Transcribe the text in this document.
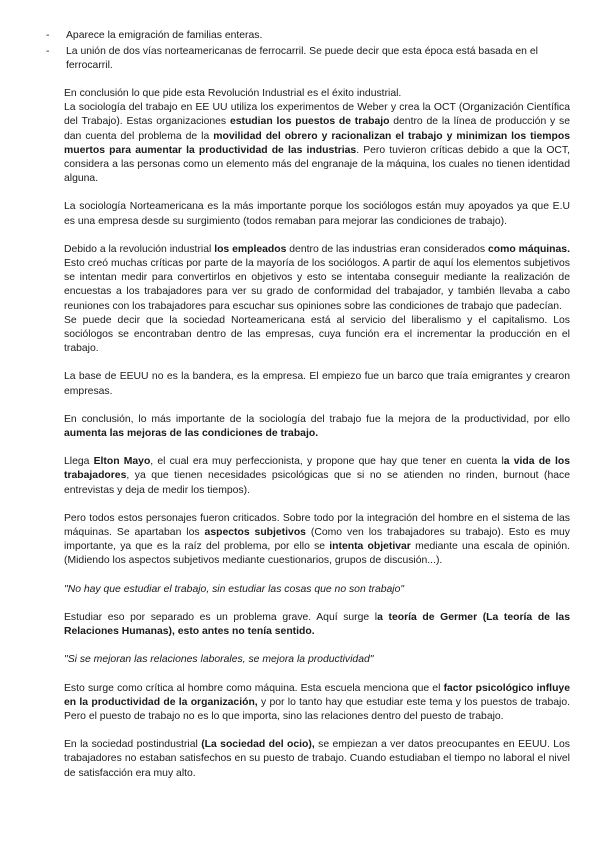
- Aparece la emigración de familias enteras.
- La unión de dos vías norteamericanas de ferrocarril. Se puede decir que esta época está basada en el ferrocarril.

En conclusión lo que pide esta Revolución Industrial es el éxito industrial.
La sociología del trabajo en EE UU utiliza los experimentos de Weber y crea la OCT (Organización Científica del Trabajo). Estas organizaciones estudian los puestos de trabajo dentro de la línea de producción y se dan cuenta del problema de la movilidad del obrero y racionalizan el trabajo y minimizan los tiempos muertos para aumentar la productividad de las industrias. Pero tuvieron críticas debido a que la OCT, considera a las personas como un elemento más del engranaje de la máquina, los cuales no tienen identidad alguna.

La sociología Norteamericana es la más importante porque los sociólogos están muy apoyados ya que E.U es una empresa desde su surgimiento (todos remaban para mejorar las condiciones de trabajo).

Debido a la revolución industrial los empleados dentro de las industrias eran considerados como máquinas. Esto creó muchas críticas por parte de la mayoría de los sociólogos. A partir de aquí los elementos subjetivos se intentan medir para convertirlos en objetivos y esto se intentaba conseguir mediante la realización de encuestas a los trabajadores para ver su grado de conformidad del trabajador, y también llevaba a cabo reuniones con los trabajadores para escuchar sus opiniones sobre las condiciones de trabajo que padecían.
Se puede decir que la sociedad Norteamericana está al servicio del liberalismo y el capitalismo. Los sociólogos se encontraban dentro de las empresas, cuya función era el incrementar la producción en el trabajo.

La base de EEUU no es la bandera, es la empresa. El empiezo fue un barco que traía emigrantes y crearon empresas.

En conclusión, lo más importante de la sociología del trabajo fue la mejora de la productividad, por ello aumenta las mejoras de las condiciones de trabajo.

Llega Elton Mayo, el cual era muy perfeccionista, y propone que hay que tener en cuenta la vida de los trabajadores, ya que tienen necesidades psicológicas que si no se atienden no rinden, burnout (hace entrevistas y deja de medir los tiempos).

Pero todos estos personajes fueron criticados. Sobre todo por la integración del hombre en el sistema de las máquinas. Se apartaban los aspectos subjetivos (Como ven los trabajadores su trabajo). Esto es muy importante, ya que es la raíz del problema, por ello se intenta objetivar mediante una escala de opinión. (Midiendo los aspectos subjetivos mediante cuestionarios, grupos de discusión...).

"No hay que estudiar el trabajo, sin estudiar las cosas que no son trabajo"

Estudiar eso por separado es un problema grave. Aquí surge la teoría de Germer (La teoría de las Relaciones Humanas), esto antes no tenía sentido.

"Si se mejoran las relaciones laborales, se mejora la productividad"

Esto surge como crítica al hombre como máquina. Esta escuela menciona que el factor psicológico influye en la productividad de la organización, y por lo tanto hay que estudiar este tema y los puestos de trabajo. Pero el puesto de trabajo no es lo que importa, sino las relaciones dentro del puesto de trabajo.

En la sociedad postindustrial (La sociedad del ocio), se empiezan a ver datos preocupantes en EEUU. Los trabajadores no estaban satisfechos en su puesto de trabajo. Cuando estudiaban el tiempo no laboral el nivel de satisfacción era muy alto.
